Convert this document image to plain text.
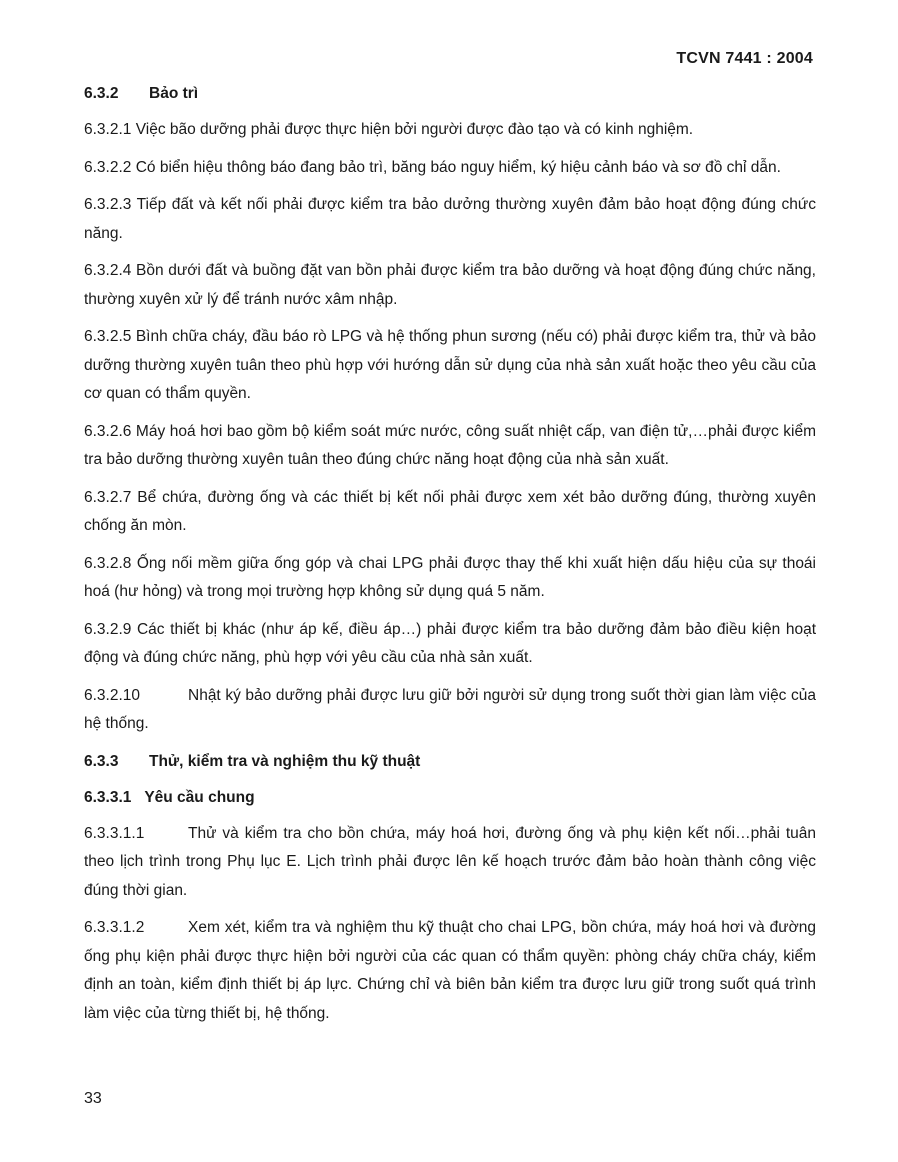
TCVN 7441 : 2004
6.3.2 Bảo trì

6.3.2.1 Việc bão dưỡng phải được thực hiện bởi người được đào tạo và có kinh nghiệm.

6.3.2.2 Có biển hiệu thông báo đang bảo trì, băng báo nguy hiểm, ký hiệu cảnh báo và sơ đồ chỉ dẫn.

6.3.2.3 Tiếp đất và kết nối phải được kiểm tra bảo dưởng thường xuyên đảm bảo hoạt động đúng chức năng.

6.3.2.4 Bồn dưới đất và buồng đặt van bồn phải được kiểm tra bảo dưỡng và hoạt động đúng chức năng, thường xuyên xử lý để tránh nước xâm nhập.

6.3.2.5 Bình chữa cháy, đầu báo rò LPG và hệ thống phun sương (nếu có) phải được kiểm tra, thử và bảo dưỡng thường xuyên tuân theo phù hợp với hướng dẫn sử dụng của nhà sản xuất hoặc theo yêu cầu của cơ quan có thẩm quyền.

6.3.2.6 Máy hoá hơi bao gồm bộ kiểm soát mức nước, công suất nhiệt cấp, van điện tử,…phải được kiểm tra bảo dưỡng thường xuyên tuân theo đúng chức năng hoạt động của nhà sản xuất.

6.3.2.7 Bể chứa, đường ống và các thiết bị kết nối phải được xem xét bảo dưỡng đúng, thường xuyên chống ăn mòn.

6.3.2.8 Ống nối mềm giữa ống góp và chai LPG phải được thay thế khi xuất hiện dấu hiệu của sự thoái hoá (hư hỏng) và trong mọi trường hợp không sử dụng quá 5 năm.

6.3.2.9 Các thiết bị khác (như áp kế, điều áp…) phải được kiểm tra bảo dưỡng đảm bảo điều kiện hoạt động và đúng chức năng, phù hợp với yêu cầu của nhà sản xuất.

6.3.2.10	Nhật ký bảo dưỡng phải được lưu giữ bởi người sử dụng trong suốt thời gian làm việc của hệ thống.

6.3.3 Thử, kiểm tra và nghiệm thu kỹ thuật
6.3.3.1 Yêu cầu chung

6.3.3.1.1	Thử và kiểm tra cho bồn chứa, máy hoá hơi, đường ống và phụ kiện kết nối…phải tuân theo lịch trình trong Phụ lục E. Lịch trình phải được lên kế hoạch trước đảm bảo hoàn thành công việc đúng thời gian.

6.3.3.1.2	Xem xét, kiểm tra và nghiệm thu kỹ thuật cho chai LPG, bồn chứa, máy hoá hơi và đường ống phụ kiện phải được thực hiện bởi người của các quan có thẩm quyền: phòng cháy chữa cháy, kiểm định an toàn, kiểm định thiết bị áp lực. Chứng chỉ và biên bản kiểm tra được lưu giữ trong suốt quá trình làm việc của từng thiết bị, hệ thống.

33
